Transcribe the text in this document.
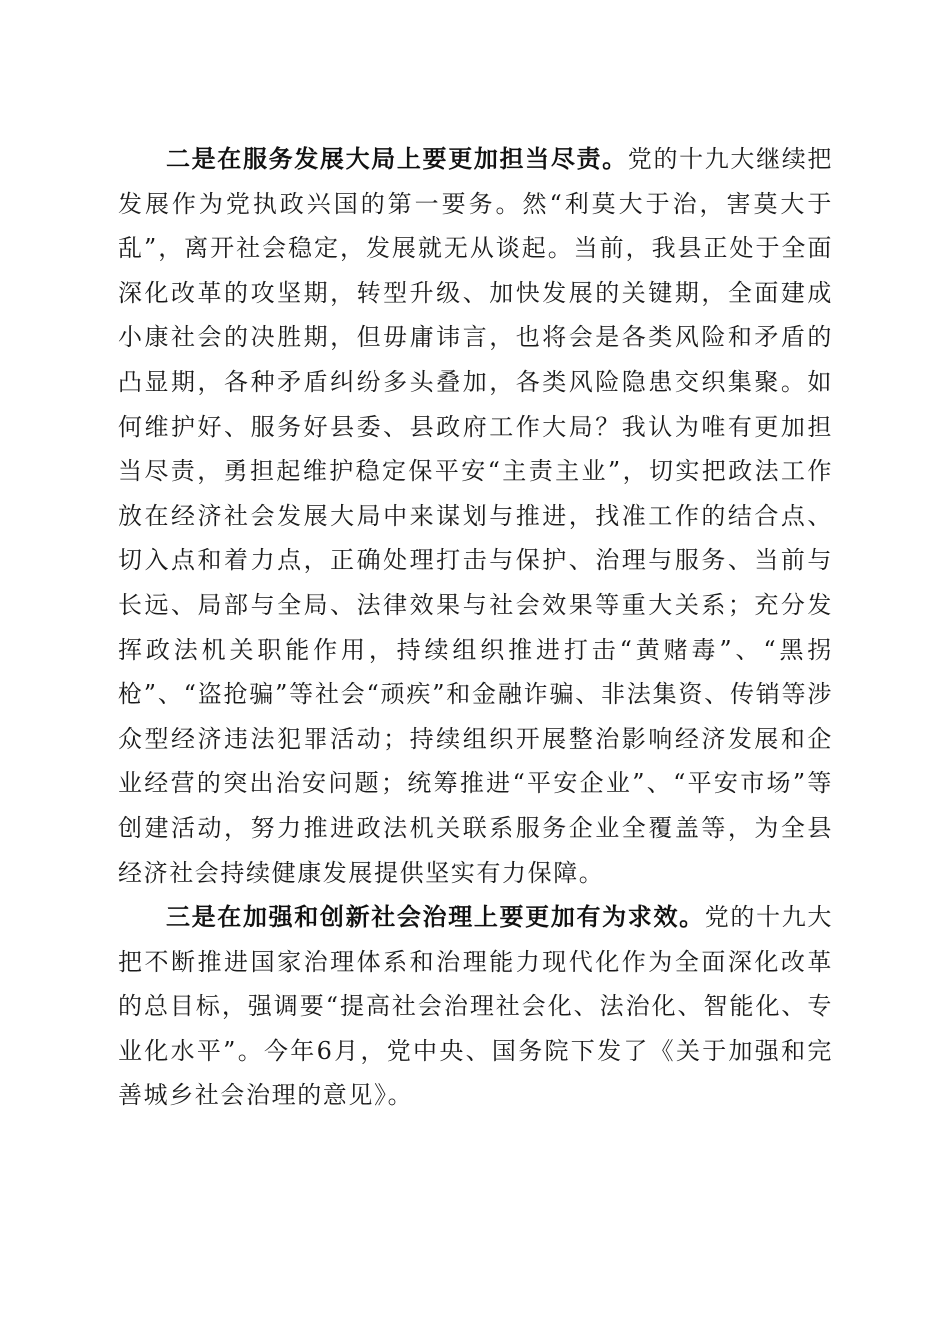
二是在服务发展大局上要更加担当尽责。党的十九大继续把发展作为党执政兴国的第一要务。然“利莫大于治，害莫大于乱”，离开社会稳定，发展就无从谈起。当前，我县正处于全面深化改革的攻坚期，转型升级、加快发展的关键期，全面建成小康社会的决胜期，但毋庸讳言，也将会是各类风险和矛盾的凸显期，各种矛盾纠纷多头叠加，各类风险隐患交织集聚。如何维护好、服务好县委、县政府工作大局？我认为唯有更加担当尽责，勇担起维护稳定保平安“主责主业”，切实把政法工作放在经济社会发展大局中来谋划与推进，找准工作的结合点、切入点和着力点，正确处理打击与保护、治理与服务、当前与长远、局部与全局、法律效果与社会效果等重大关系；充分发挥政法机关职能作用，持续组织推进打击“黄赌毒”、“黑拐枪”、“盗抢骗”等社会“顽疾”和金融诈骗、非法集资、传销等涉众型经济违法犯罪活动；持续组织开展整治影响经济发展和企业经营的突出治安问题；统筹推进“平安企业”、“平安市场”等创建活动，努力推进政法机关联系服务企业全覆盖等，为全县经济社会持续健康发展提供坚实有力保障。

三是在加强和创新社会治理上要更加有为求效。党的十九大把不断推进国家治理体系和治理能力现代化作为全面深化改革的总目标，强调要“提高社会治理社会化、法治化、智能化、专业化水平”。今年6月，党中央、国务院下发了《关于加强和完善城乡社会治理的意见》。
